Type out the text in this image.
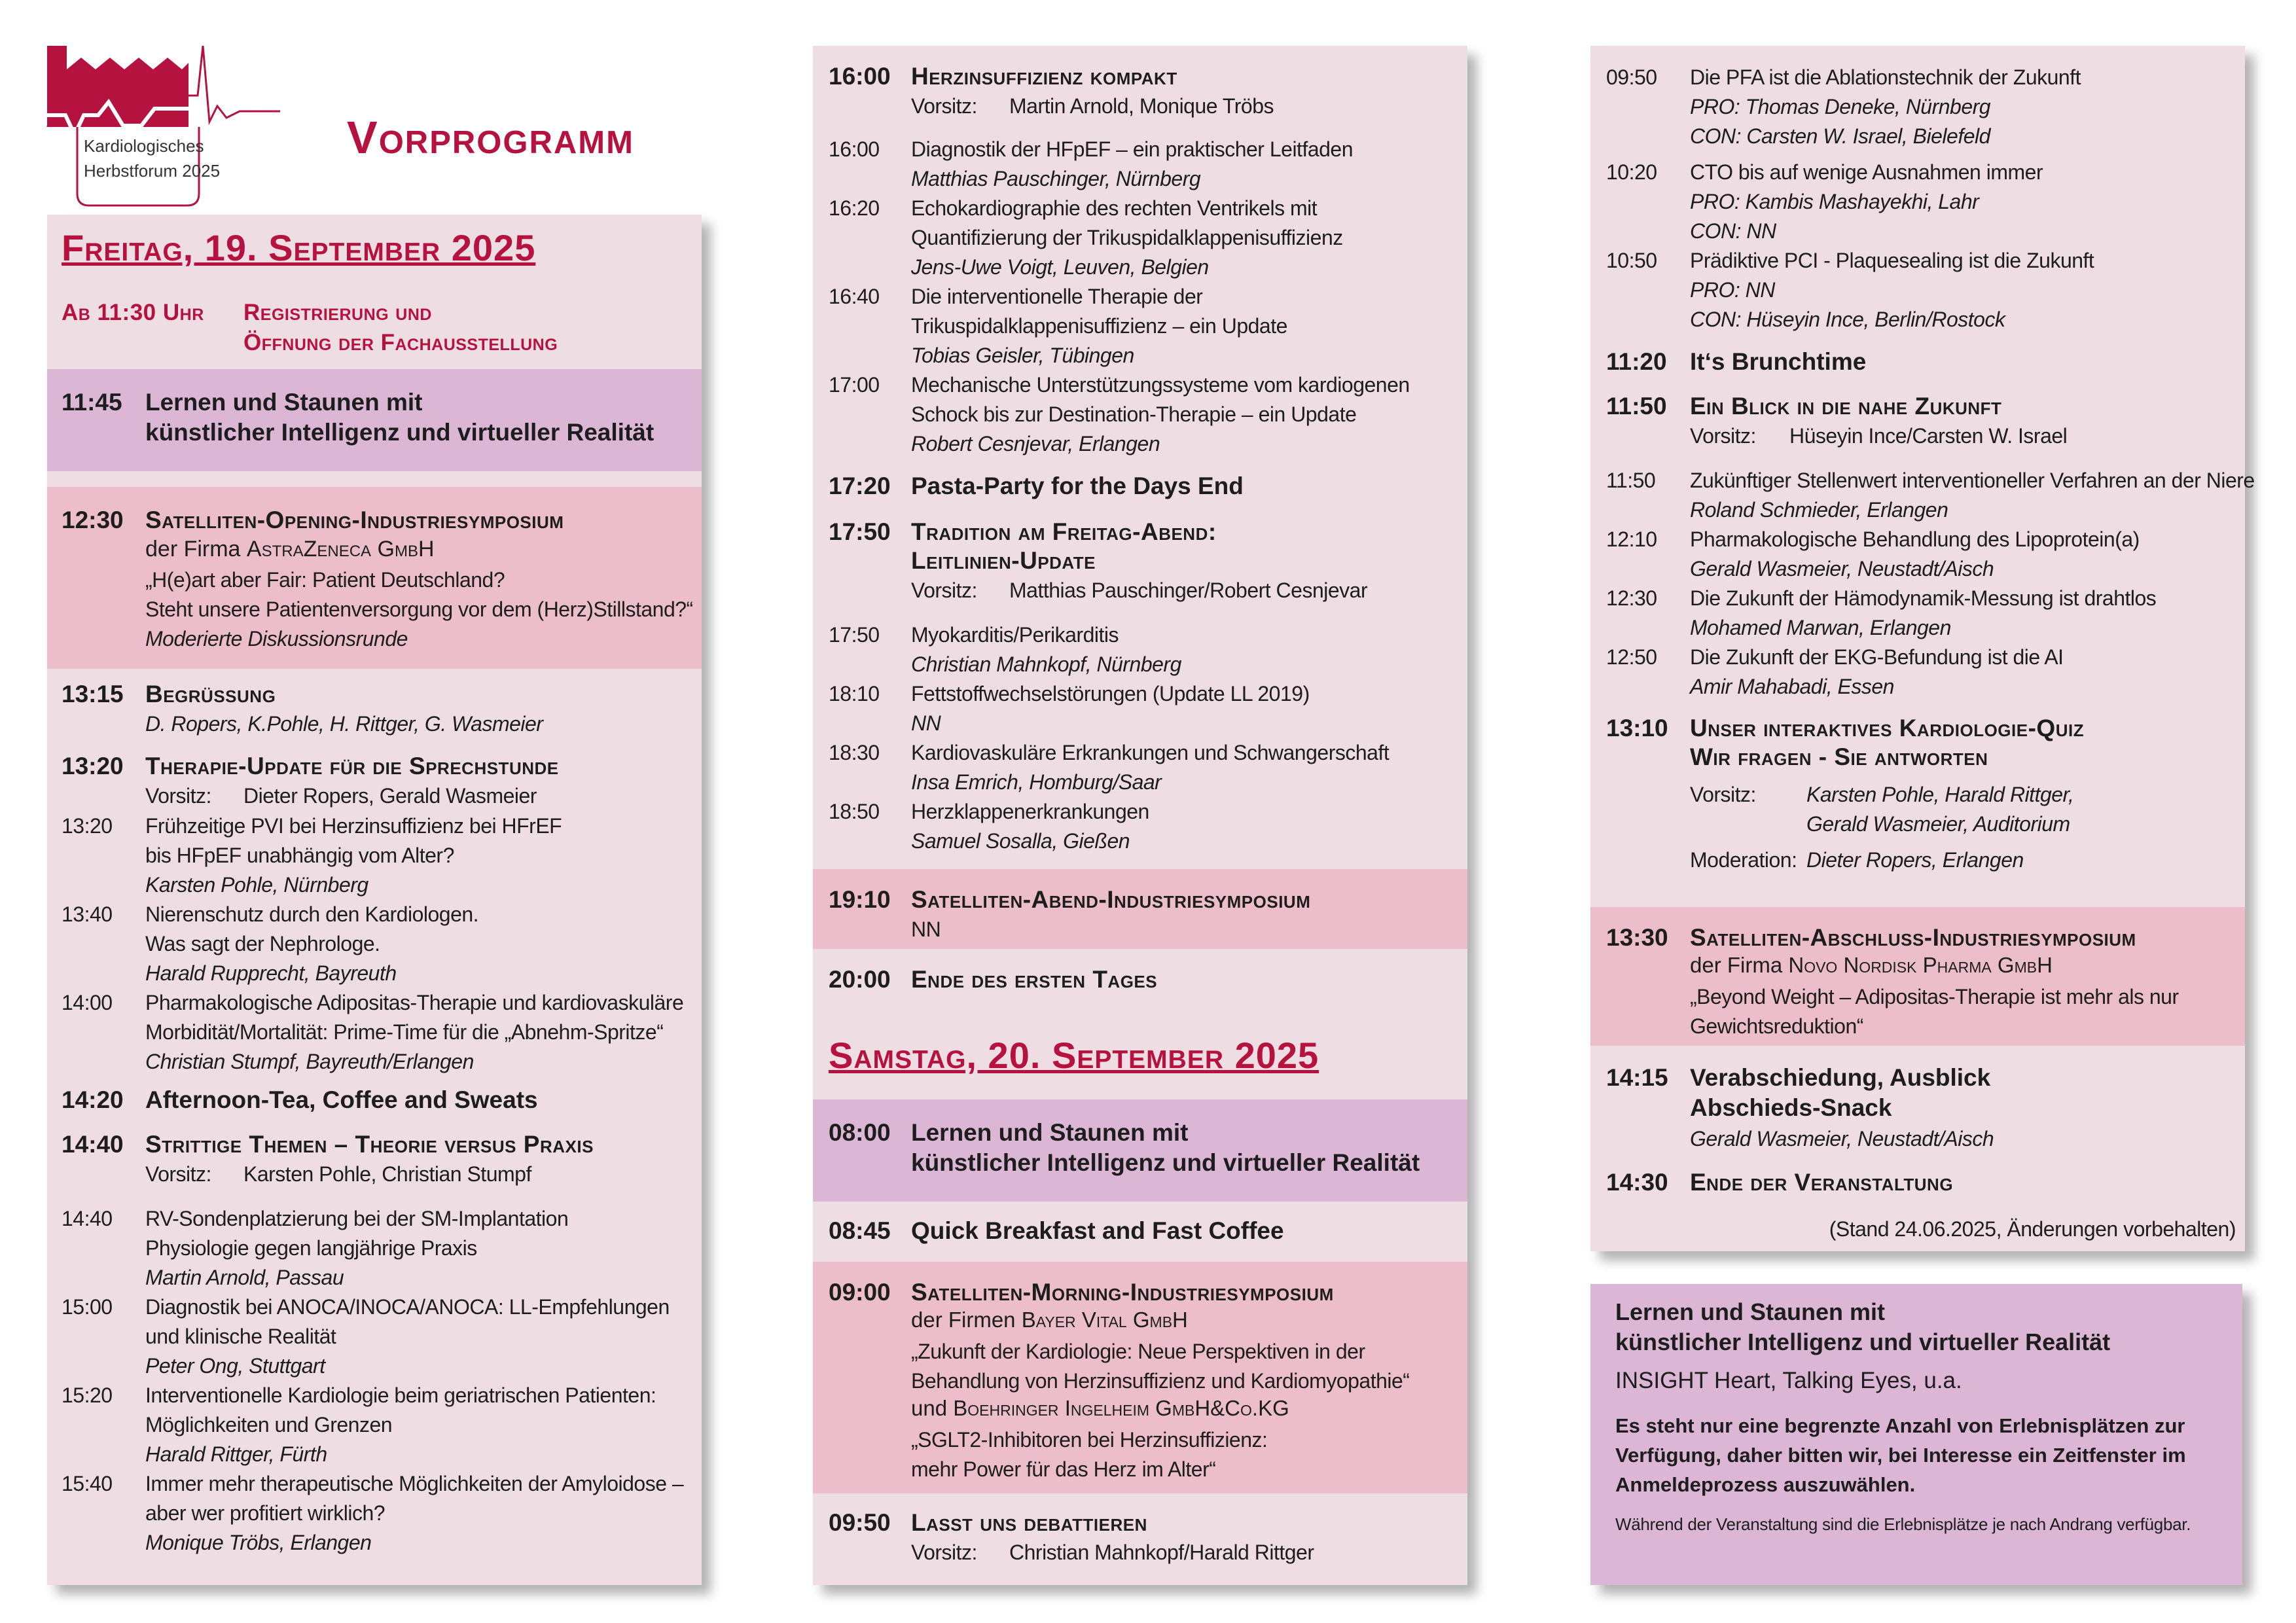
Kardiologisches
Herbstforum 2025
Vorprogramm
Freitag, 19. September 2025
Ab 11:30 Uhr Registrierung und
Öffnung der Fachausstellung
11:45 Lernen und Staunen mit
künstlicher Intelligenz und virtueller Realität
12:30 Satelliten-Opening-Industriesymposium
der Firma AstraZeneca GmbH
„H(e)art aber Fair: Patient Deutschland?
Steht unsere Patientenversorgung vor dem (Herz)Stillstand?“
Moderierte Diskussionsrunde
13:15 Begrüssung
D. Ropers, K.Pohle, H. Rittger, G. Wasmeier
13:20 Therapie-Update für die Sprechstunde
Vorsitz: Dieter Ropers, Gerald Wasmeier
13:20 Frühzeitige PVI bei Herzinsuffizienz bei HFrEF
bis HFpEF unabhängig vom Alter?
Karsten Pohle, Nürnberg
13:40 Nierenschutz durch den Kardiologen.
Was sagt der Nephrologe.
Harald Rupprecht, Bayreuth
14:00 Pharmakologische Adipositas-Therapie und kardiovaskuläre
Morbidität/Mortalität: Prime-Time für die „Abnehm-Spritze“
Christian Stumpf, Bayreuth/Erlangen
14:20 Afternoon-Tea, Coffee and Sweats
14:40 Strittige Themen – Theorie versus Praxis
Vorsitz: Karsten Pohle, Christian Stumpf
14:40 RV-Sondenplatzierung bei der SM-Implantation
Physiologie gegen langjährige Praxis
Martin Arnold, Passau
15:00 Diagnostik bei ANOCA/INOCA/ANOCA: LL-Empfehlungen
und klinische Realität
Peter Ong, Stuttgart
15:20 Interventionelle Kardiologie beim geriatrischen Patienten:
Möglichkeiten und Grenzen
Harald Rittger, Fürth
15:40 Immer mehr therapeutische Möglichkeiten der Amyloidose –
aber wer profitiert wirklich?
Monique Tröbs, Erlangen
16:00 Herzinsuffizienz kompakt
Vorsitz: Martin Arnold, Monique Tröbs
16:00 Diagnostik der HFpEF – ein praktischer Leitfaden
Matthias Pauschinger, Nürnberg
16:20 Echokardiographie des rechten Ventrikels mit
Quantifizierung der Trikuspidalklappenisuffizienz
Jens-Uwe Voigt, Leuven, Belgien
16:40 Die interventionelle Therapie der
Trikuspidalklappenisuffizienz – ein Update
Tobias Geisler, Tübingen
17:00 Mechanische Unterstützungssysteme vom kardiogenen
Schock bis zur Destination-Therapie – ein Update
Robert Cesnjevar, Erlangen
17:20 Pasta-Party for the Days End
17:50 Tradition am Freitag-Abend:
Leitlinien-Update
Vorsitz: Matthias Pauschinger/Robert Cesnjevar
17:50 Myokarditis/Perikarditis
Christian Mahnkopf, Nürnberg
18:10 Fettstoffwechselstörungen (Update LL 2019)
NN
18:30 Kardiovaskuläre Erkrankungen und Schwangerschaft
Insa Emrich, Homburg/Saar
18:50 Herzklappenerkrankungen
Samuel Sosalla, Gießen
19:10 Satelliten-Abend-Industriesymposium
NN
20:00 Ende des ersten Tages
Samstag, 20. September 2025
08:00 Lernen und Staunen mit
künstlicher Intelligenz und virtueller Realität
08:45 Quick Breakfast and Fast Coffee
09:00 Satelliten-Morning-Industriesymposium
der Firmen Bayer Vital GmbH
„Zukunft der Kardiologie: Neue Perspektiven in der
Behandlung von Herzinsuffizienz und Kardiomyopathie“
und Boehringer Ingelheim GmbH&Co.KG
„SGLT2-Inhibitoren bei Herzinsuffizienz:
mehr Power für das Herz im Alter“
09:50 Lasst uns debattieren
Vorsitz: Christian Mahnkopf/Harald Rittger
09:50 Die PFA ist die Ablationstechnik der Zukunft
PRO: Thomas Deneke, Nürnberg
CON: Carsten W. Israel, Bielefeld
10:20 CTO bis auf wenige Ausnahmen immer
PRO: Kambis Mashayekhi, Lahr
CON: NN
10:50 Prädiktive PCI - Plaquesealing ist die Zukunft
PRO: NN
CON: Hüseyin Ince, Berlin/Rostock
11:20 It‘s Brunchtime
11:50 Ein Blick in die nahe Zukunft
Vorsitz: Hüseyin Ince/Carsten W. Israel
11:50 Zukünftiger Stellenwert interventioneller Verfahren an der Niere
Roland Schmieder, Erlangen
12:10 Pharmakologische Behandlung des Lipoprotein(a)
Gerald Wasmeier, Neustadt/Aisch
12:30 Die Zukunft der Hämodynamik-Messung ist drahtlos
Mohamed Marwan, Erlangen
12:50 Die Zukunft der EKG-Befundung ist die AI
Amir Mahabadi, Essen
13:10 Unser interaktives Kardiologie-Quiz
Wir fragen - Sie antworten
Vorsitz: Karsten Pohle, Harald Rittger,
Gerald Wasmeier, Auditorium
Moderation: Dieter Ropers, Erlangen
13:30 Satelliten-Abschluss-Industriesymposium
der Firma Novo Nordisk Pharma GmbH
„Beyond Weight – Adipositas-Therapie ist mehr als nur
Gewichtsreduktion“
14:15 Verabschiedung, Ausblick
Abschieds-Snack
Gerald Wasmeier, Neustadt/Aisch
14:30 Ende der Veranstaltung
(Stand 24.06.2025, Änderungen vorbehalten)
Lernen und Staunen mit
künstlicher Intelligenz und virtueller Realität
INSIGHT Heart, Talking Eyes, u.a.
Es steht nur eine begrenzte Anzahl von Erlebnisplätzen zur
Verfügung, daher bitten wir, bei Interesse ein Zeitfenster im
Anmeldeprozess auszuwählen.
Während der Veranstaltung sind die Erlebnisplätze je nach Andrang verfügbar.
